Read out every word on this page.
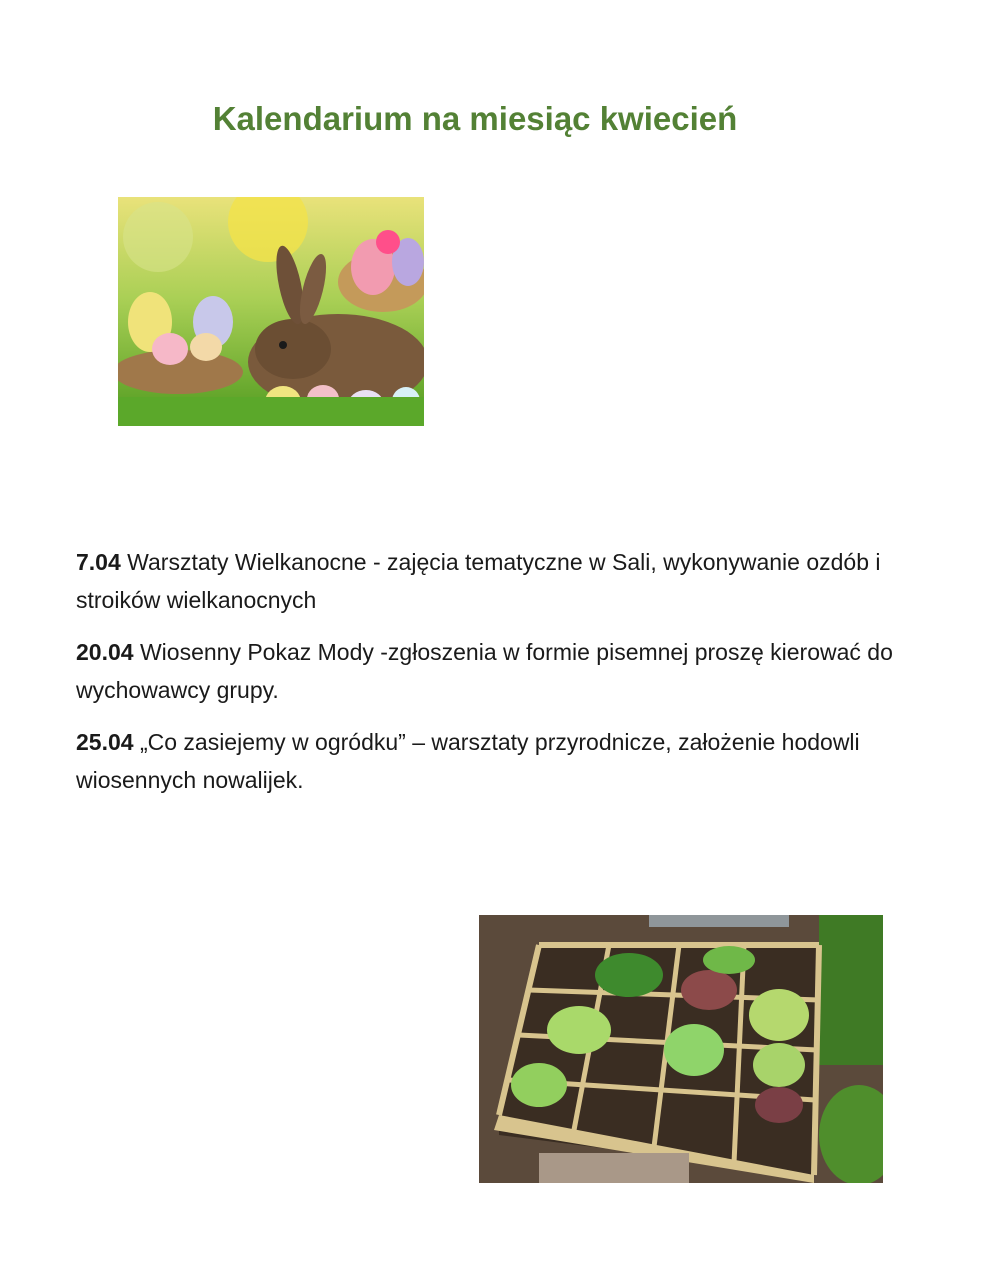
Kalendarium na miesiąc kwiecień

7.04 Warsztaty Wielkanocne - zajęcia tematyczne w Sali, wykonywanie ozdób i stroików wielkanocnych

20.04 Wiosenny Pokaz Mody -zgłoszenia w formie pisemnej proszę kierować do wychowawcy grupy.

25.04 „Co zasiejemy w ogródku” – warsztaty przyrodnicze, założenie hodowli wiosennych nowalijek.
